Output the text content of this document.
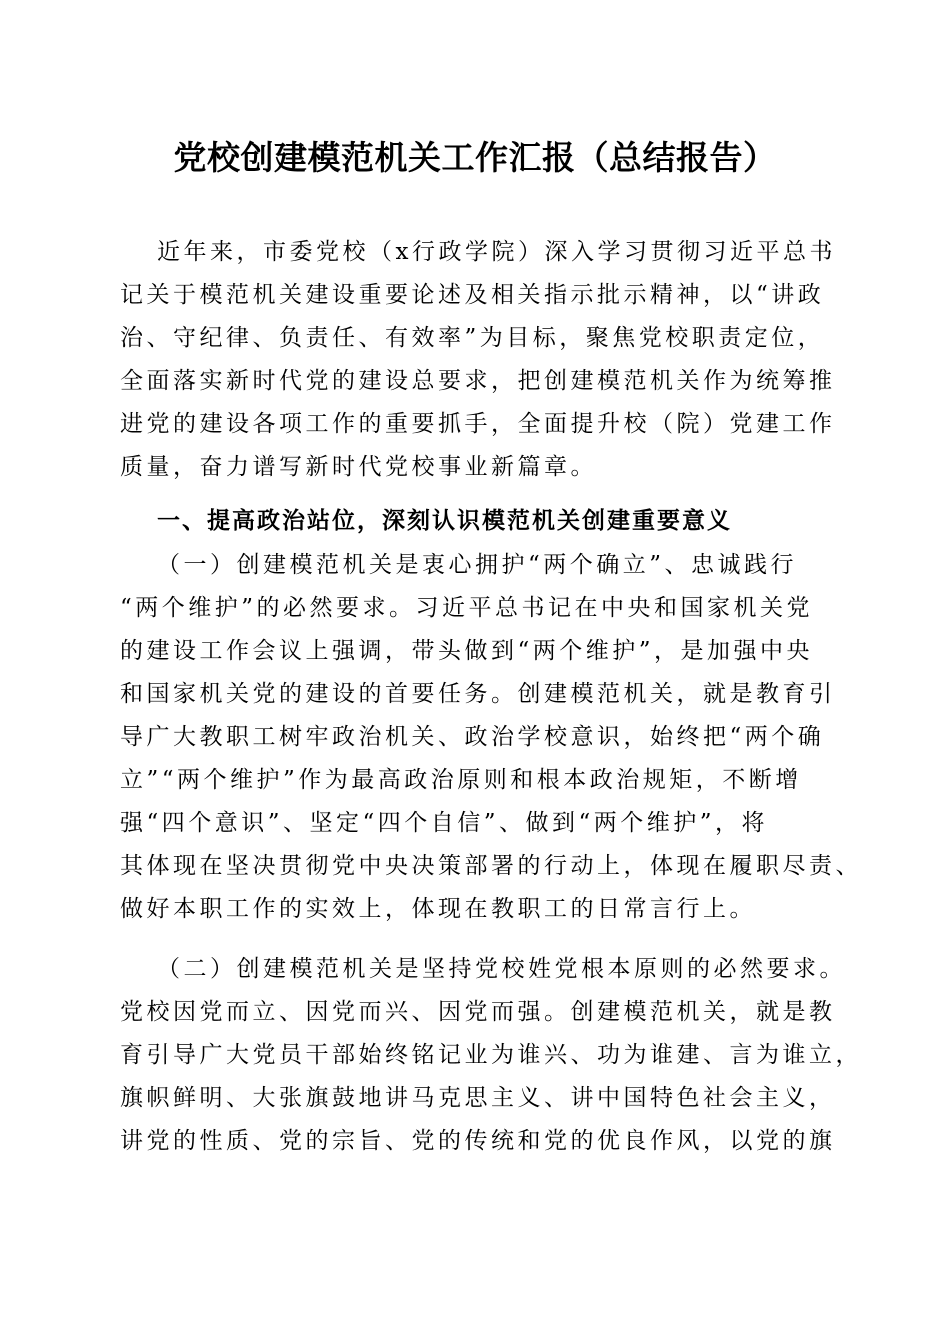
党校创建模范机关工作汇报（总结报告）

近年来，市委党校（x行政学院）深入学习贯彻习近平总书

记关于模范机关建设重要论述及相关指示批示精神，以“讲政

治、守纪律、负责任、有效率”为目标，聚焦党校职责定位，

全面落实新时代党的建设总要求，把创建模范机关作为统筹推

进党的建设各项工作的重要抓手，全面提升校（院）党建工作

质量，奋力谱写新时代党校事业新篇章。

一、提高政治站位，深刻认识模范机关创建重要意义

（一）创建模范机关是衷心拥护“两个确立”、忠诚践行

“两个维护”的必然要求。习近平总书记在中央和国家机关党

的建设工作会议上强调，带头做到“两个维护”，是加强中央

和国家机关党的建设的首要任务。创建模范机关，就是教育引

导广大教职工树牢政治机关、政治学校意识，始终把“两个确

立”“两个维护”作为最高政治原则和根本政治规矩，不断增

强“四个意识”、坚定“四个自信”、做到“两个维护”，将

其体现在坚决贯彻党中央决策部署的行动上，体现在履职尽责、

做好本职工作的实效上，体现在教职工的日常言行上。

（二）创建模范机关是坚持党校姓党根本原则的必然要求。

党校因党而立、因党而兴、因党而强。创建模范机关，就是教

育引导广大党员干部始终铭记业为谁兴、功为谁建、言为谁立，

旗帜鲜明、大张旗鼓地讲马克思主义、讲中国特色社会主义，

讲党的性质、党的宗旨、党的传统和党的优良作风，以党的旗
